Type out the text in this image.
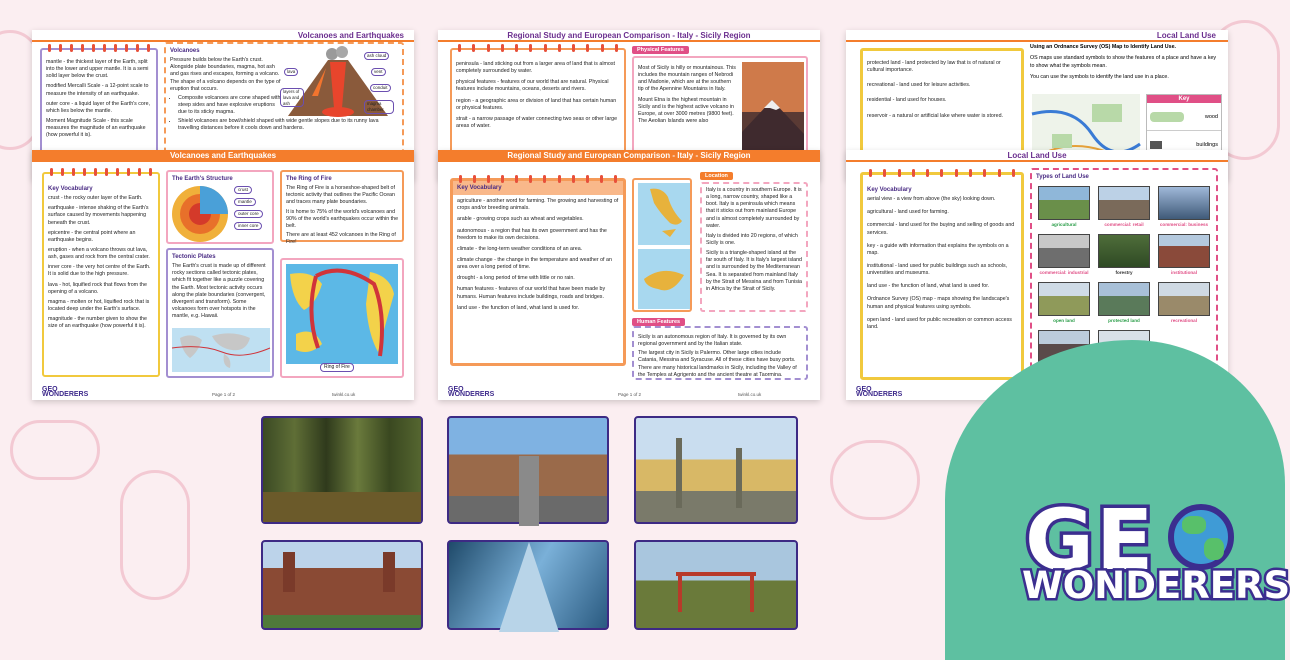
Volcanoes and Earthquakes

mantle - the thickest layer of the Earth, split into the lower and upper mantle. It is a semi solid layer below the crust.

modified Mercalli Scale - a 12-point scale to measure the intensity of an earthquake.

outer core - a liquid layer of the Earth's core, which lies below the mantle.

Moment Magnitude Scale - this scale measures the magnitude of an earthquake (how powerful it is).

Volcanoes

Pressure builds below the Earth's crust. Alongside plate boundaries, magma, hot ash and gas rises and escapes, forming a volcano. The shape of a volcano depends on the type of eruption that occurs.

• Composite volcanoes are cone shaped with steep sides and have explosive eruptions due to its sticky magma.
• Shield volcanoes are bowl/shield shaped with wide gentle slopes due to its runny lava travelling distances before it cools down and hardens.
ash cloud
lava	vent
conduit
layers of lava and ash	magma chamber
Volcanoes and Earthquakes
Key Vocabulary

crust - the rocky outer layer of the Earth.

earthquake - intense shaking of the Earth's surface caused by movements happening beneath the crust.

epicentre - the central point where an earthquake begins.

eruption - when a volcano throws out lava, ash, gases and rock from the central crater.

inner core - the very hot centre of the Earth. It is solid due to the high pressure.

lava - hot, liquified rock that flows from the opening of a volcano.

magma - molten or hot, liquified rock that is located deep under the Earth's surface.

magnitude - the number given to show the size of an earthquake (how powerful it is).

The Earth's Structure
crust
mantle
outer core
inner core
Tectonic Plates

The Earth's crust is made up of different rocky sections called tectonic plates, which fit together like a puzzle covering the Earth. Most tectonic activity occurs along the plate boundaries (convergent, divergent and transform). Some volcanoes form over hotspots in the mantle, e.g. Hawaii.

The Ring of Fire

The Ring of Fire is a horseshoe-shaped belt of tectonic activity that outlines the Pacific Ocean and traces many plate boundaries.

It is home to 75% of the world's volcanoes and 90% of the world's earthquakes occur within the belt.

There are at least 452 volcanoes in the Ring of Fire!

Ring of Fire
GEO WONDERERS	Page 1 of 2	twinkl.co.uk
Regional Study and European Comparison - Italy - Sicily Region

peninsula - land sticking out from a larger area of land that is almost completely surrounded by water.

physical features - features of our world that are natural. Physical features include mountains, oceans, deserts and rivers.

region - a geographic area or division of land that has certain human or physical features.

strait - a narrow passage of water connecting two seas or other large areas of water.

Physical Features

Most of Sicily is hilly or mountainous. This includes the mountain ranges of Nebrodi and Madonie, which are at the southern tip of the Apennine Mountains in Italy.

Mount Etna is the highest mountain in Sicily and is the highest active volcano in Europe, at over 3000 metres (9800 feet). The Aeolian Islands were also

Regional Study and European Comparison - Italy - Sicily Region
Key Vocabulary

agriculture - another word for farming. The growing and harvesting of crops and/or breeding animals.

arable - growing crops such as wheat and vegetables.

autonomous - a region that has its own government and has the freedom to make its own decisions.

climate - the long-term weather conditions of an area.

climate change - the change in the temperature and weather of an area over a long period of time.

drought - a long period of time with little or no rain.

human features - features of our world that have been made by humans. Human features include buildings, roads and bridges.

land use - the function of land, what land is used for.

Location

Italy is a country in southern Europe. It is a long, narrow country, shaped like a boot. Italy is a peninsula which means that it sticks out from mainland Europe and is almost completely surrounded by water.

Italy is divided into 20 regions, of which Sicily is one.

Sicily is a triangle-shaped island at the far south of Italy. It is Italy's largest island and is surrounded by the Mediterranean Sea. It is separated from mainland Italy by the Strait of Messina and from Tunisia in Africa by the Strait of Sicily.

Human Features

Sicily is an autonomous region of Italy. It is governed by its own regional government and by the Italian state.

The largest city in Sicily is Palermo. Other large cities include Catania, Messina and Syracuse. All of these cities have busy ports. There are many historical landmarks in Sicily, including the Valley of the Temples at Agrigento and the ancient theatre at Taormina.

GEO WONDERERS	Page 1 of 2	twinkl.co.uk
Local Land Use

protected land - land protected by law that is of natural or cultural importance.

recreational - land used for leisure activities.

residential - land used for houses.

reservoir - a natural or artificial lake where water is stored.

Using an Ordnance Survey (OS) Map to Identify Land Use.

OS maps use standard symbols to show the features of a place and have a key to show what the symbols mean.

You can use the symbols to identify the land use in a place.

Key
wood
buildings
Local Land Use
Key Vocabulary

aerial view - a view from above (the sky) looking down.

agricultural - land used for farming.

commercial - land used for the buying and selling of goods and services.

key - a guide with information that explains the symbols on a map.

institutional - land used for public buildings such as schools, universities and museums.

land use - the function of land, what land is used for.

Ordnance Survey (OS) map - maps showing the landscape's human and physical features using symbols.

open land - land used for public recreation or common access land.

Types of Land Use
agricultural	commercial: retail	commercial: business
commercial: industrial	forestry	institutional
open land	protected land	recreational
GEO WONDERERS
GE
WONDERERS
